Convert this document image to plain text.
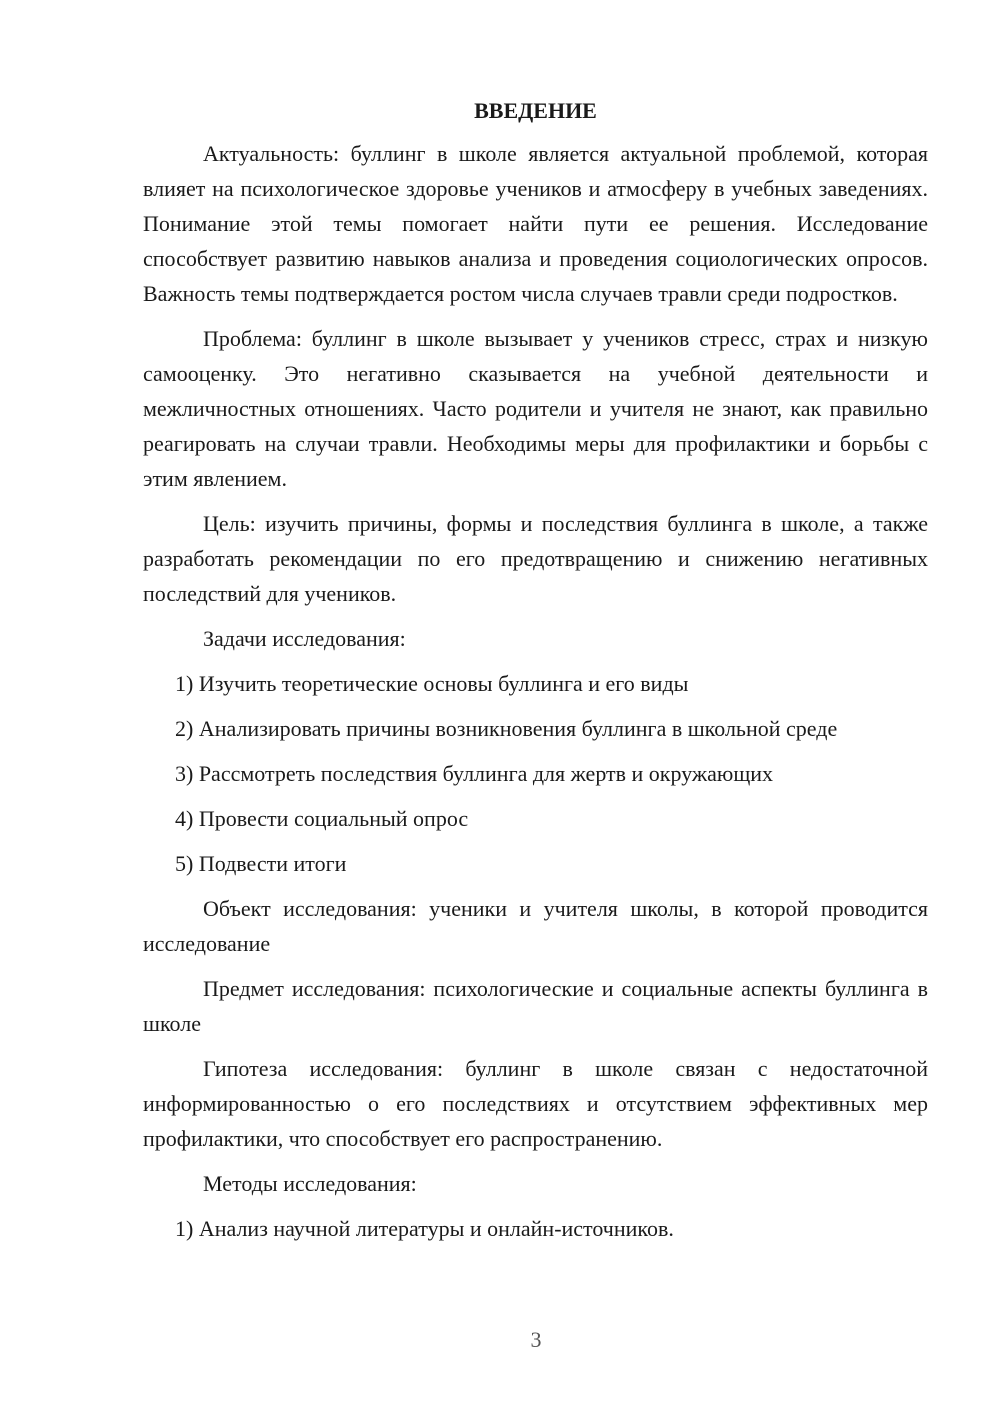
ВВЕДЕНИЕ

Актуальность: буллинг в школе является актуальной проблемой, которая влияет на психологическое здоровье учеников и атмосферу в учебных заведениях. Понимание этой темы помогает найти пути ее решения. Исследование способствует развитию навыков анализа и проведения социологических опросов. Важность темы подтверждается ростом числа случаев травли среди подростков.

Проблема: буллинг в школе вызывает у учеников стресс, страх и низкую самооценку. Это негативно сказывается на учебной деятельности и межличностных отношениях. Часто родители и учителя не знают, как правильно реагировать на случаи травли. Необходимы меры для профилактики и борьбы с этим явлением.

Цель: изучить причины, формы и последствия буллинга в школе, а также разработать рекомендации по его предотвращению и снижению негативных последствий для учеников.

Задачи исследования:

1) Изучить теоретические основы буллинга и его виды
2) Анализировать причины возникновения буллинга в школьной среде
3) Рассмотреть последствия буллинга для жертв и окружающих
4) Провести социальный опрос
5) Подвести итоги

Объект исследования: ученики и учителя школы, в которой проводится исследование

Предмет исследования: психологические и социальные аспекты буллинга в школе

Гипотеза исследования: буллинг в школе связан с недостаточной информированностью о его последствиях и отсутствием эффективных мер профилактики, что способствует его распространению.

Методы исследования:

1) Анализ научной литературы и онлайн-источников.
3
